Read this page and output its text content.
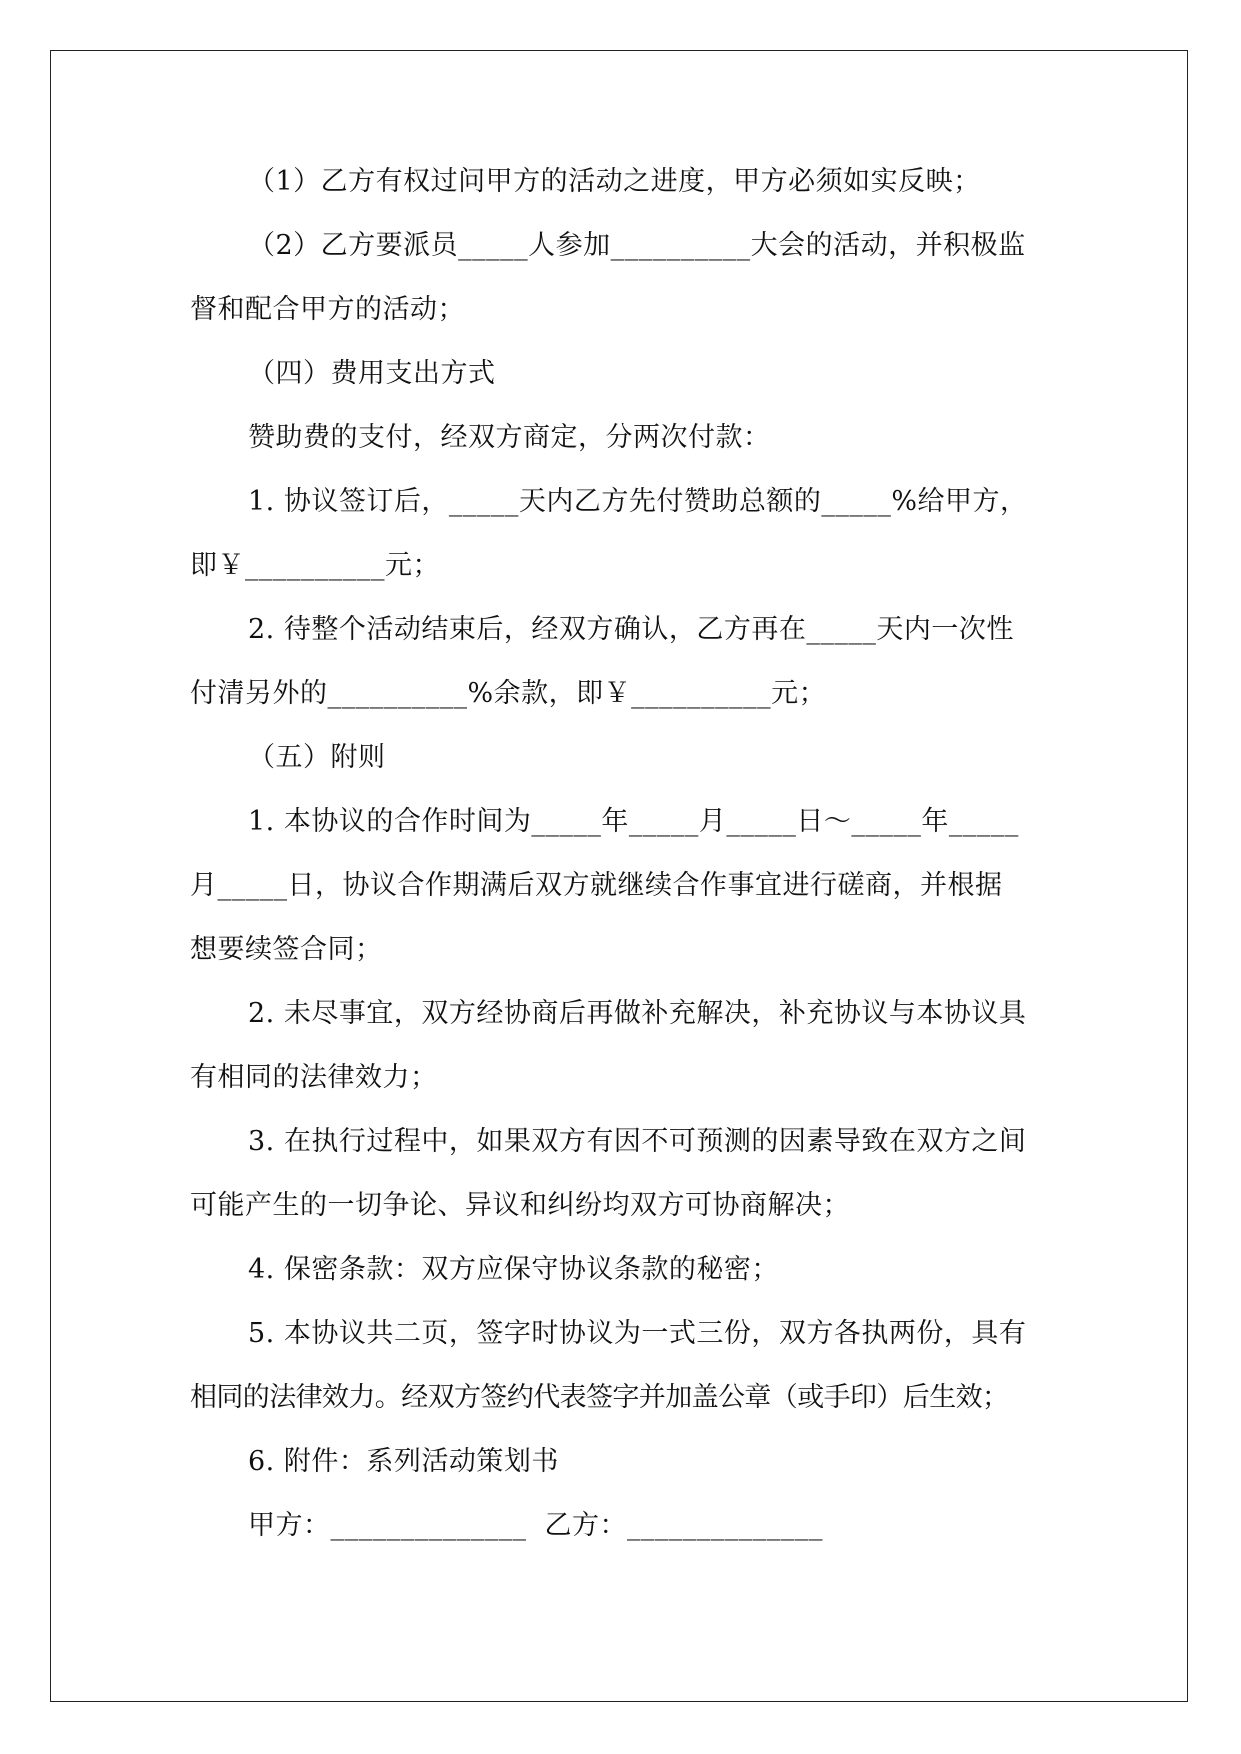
（1）乙方有权过问甲方的活动之进度，甲方必须如实反映；

（2）乙方要派员_____人参加__________大会的活动，并积极监

督和配合甲方的活动；

（四）费用支出方式

赞助费的支付，经双方商定，分两次付款：

1. 协议签订后，_____天内乙方先付赞助总额的_____%给甲方，

即￥__________元；

2. 待整个活动结束后，经双方确认，乙方再在_____天内一次性

付清另外的__________%余款，即￥__________元；

（五）附则

1. 本协议的合作时间为_____年_____月_____日～_____年_____

月_____日，协议合作期满后双方就继续合作事宜进行磋商，并根据

想要续签合同；

2. 未尽事宜，双方经协商后再做补充解决，补充协议与本协议具

有相同的法律效力；

3. 在执行过程中，如果双方有因不可预测的因素导致在双方之间

可能产生的一切争论、异议和纠纷均双方可协商解决；

4. 保密条款：双方应保守协议条款的秘密；

5. 本协议共二页，签字时协议为一式三份，双方各执两份，具有

相同的法律效力。经双方签约代表签字并加盖公章（或手印）后生效；

6. 附件：系列活动策划书

甲方：______________ 乙方：______________
